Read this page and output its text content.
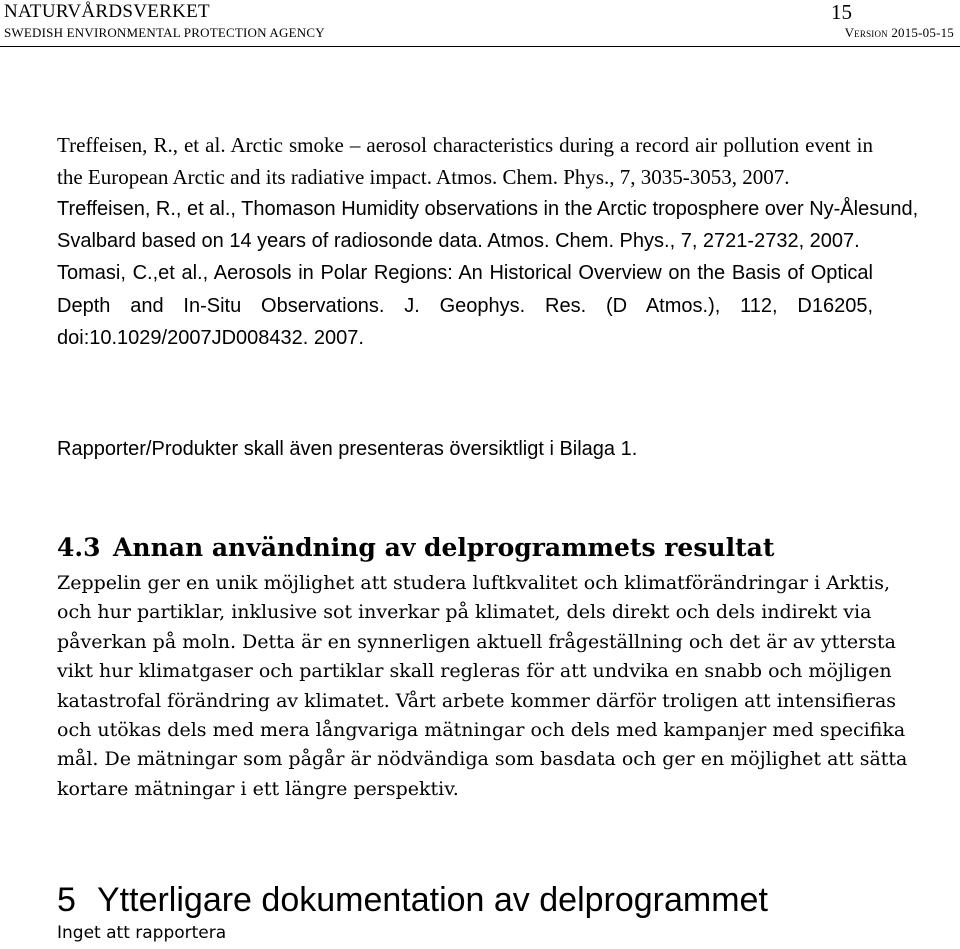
NATURVÅRDSVERKET
SWEDISH ENVIRONMENTAL PROTECTION AGENCY
15
Version 2015-05-15

Treffeisen, R., et al. Arctic smoke – aerosol characteristics during a record air pollution event in the European Arctic and its radiative impact. Atmos. Chem. Phys., 7, 3035-3053, 2007.

Treffeisen, R., et al., Thomason Humidity observations in the Arctic troposphere over Ny-Ålesund, Svalbard based on 14 years of radiosonde data. Atmos. Chem. Phys., 7, 2721-2732, 2007.

Tomasi, C.,et al., Aerosols in Polar Regions: An Historical Overview on the Basis of Optical Depth and In-Situ Observations. J. Geophys. Res. (D Atmos.), 112, D16205, doi:10.1029/2007JD008432. 2007.

Rapporter/Produkter skall även presenteras översiktligt i Bilaga 1.
4.3 Annan användning av delprogrammets resultat
Zeppelin ger en unik möjlighet att studera luftkvalitet och klimatförändringar i Arktis, och hur partiklar, inklusive sot inverkar på klimatet, dels direkt och dels indirekt via påverkan på moln. Detta är en synnerligen aktuell frågeställning och det är av yttersta vikt hur klimatgaser och partiklar skall regleras för att undvika en snabb och möjligen katastrofal förändring av klimatet. Vårt arbete kommer därför troligen att intensifieras och utökas dels med mera långvariga mätningar och dels med kampanjer med specifika mål. De mätningar som pågår är nödvändiga som basdata och ger en möjlighet att sätta kortare mätningar i ett längre perspektiv.
5 Ytterligare dokumentation av delprogrammet
Inget att rapportera
